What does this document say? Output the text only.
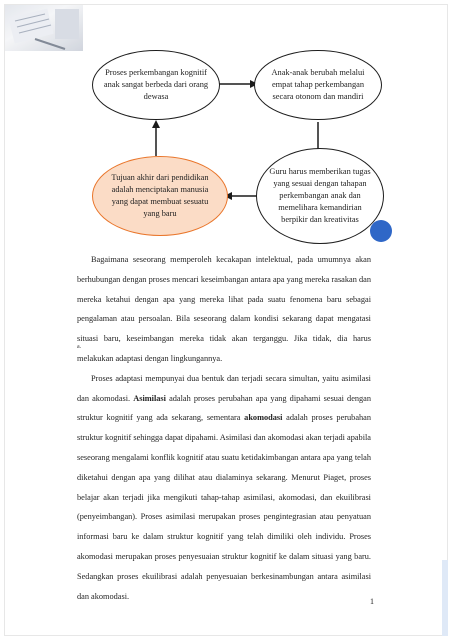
Proses perkembangan kognitif
anak sangat berbeda dari orang
dewasa
Anak-anak berubah melalui
empat tahap perkembangan
secara otonom dan mandiri
Tujuan akhir dari pendidikan
adalah menciptakan manusia
yang dapat membuat sesuatu
yang baru
Guru harus memberikan tugas
yang sesuai dengan tahapan
perkembangan anak dan
memelihara kemandirian
berpikir dan kreativitas

Bagaimana seseorang memperoleh kecakapan intelektual, pada umumnya akan berhubungan dengan proses mencari keseimbangan antara apa yang mereka rasakan dan mereka ketahui dengan apa yang mereka lihat pada suatu fenomena baru sebagai pengalaman atau persoalan. Bila seseorang dalam kondisi sekarang dapat mengatasi situasi baru, keseimbangan mereka tidak akan terganggu. Jika tidak, dia harus melakukan adaptasi dengan lingkungannya.

Proses adaptasi mempunyai dua bentuk dan terjadi secara simultan, yaitu asimilasi dan akomodasi. Asimilasi adalah proses perubahan apa yang dipahami sesuai dengan struktur kognitif yang ada sekarang, sementara akomodasi adalah proses perubahan struktur kognitif sehingga dapat dipahami. Asimilasi dan akomodasi akan terjadi apabila seseorang mengalami konflik kognitif atau suatu ketidakimbangan antara apa yang telah diketahui dengan apa yang dilihat atau dialaminya sekarang. Menurut Piaget, proses belajar akan terjadi jika mengikuti tahap-tahap asimilasi, akomodasi, dan ekuilibrasi (penyeimbangan). Proses asimilasi merupakan proses pengintegrasian atau penyatuan informasi baru ke dalam struktur kognitif yang telah dimiliki oleh individu. Proses akomodasi merupakan proses penyesuaian struktur kognitif ke dalam situasi yang baru. Sedangkan proses ekuilibrasi adalah penyesuaian berkesinambungan antara asimilasi dan akomodasi.

a.
1
